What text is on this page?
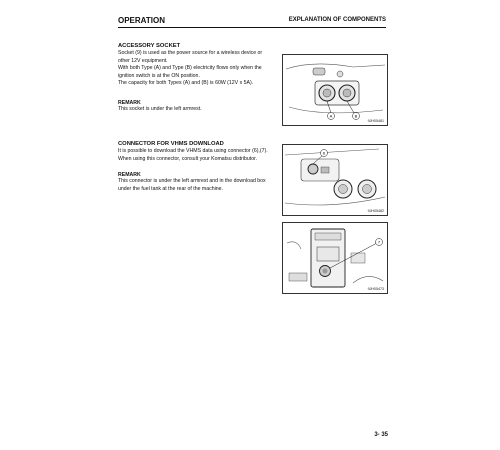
OPERATION	EXPLANATION OF COMPONENTS
ACCESSORY SOCKET
Socket (9) is used as the power source for a wireless device or
other 12V equipment.
With both Type (A) and Type (B) electricity flows only when the
ignition switch is at the ON position.
The capacity for both Types (A) and (B) is 60W (12V x 5A).
REMARK
This socket is under the left armrest.
A	B
9JH05481
CONNECTOR FOR VHMS DOWNLOAD
It is possible to download the VHMS data using connector (6),(7).
When using this connector, consult your Komatsu distributor.
REMARK
This connector is under the left armrest and in the download box
under the fuel tank at the rear of the machine.
6
9JH05482
7
9JH05473
3- 35
